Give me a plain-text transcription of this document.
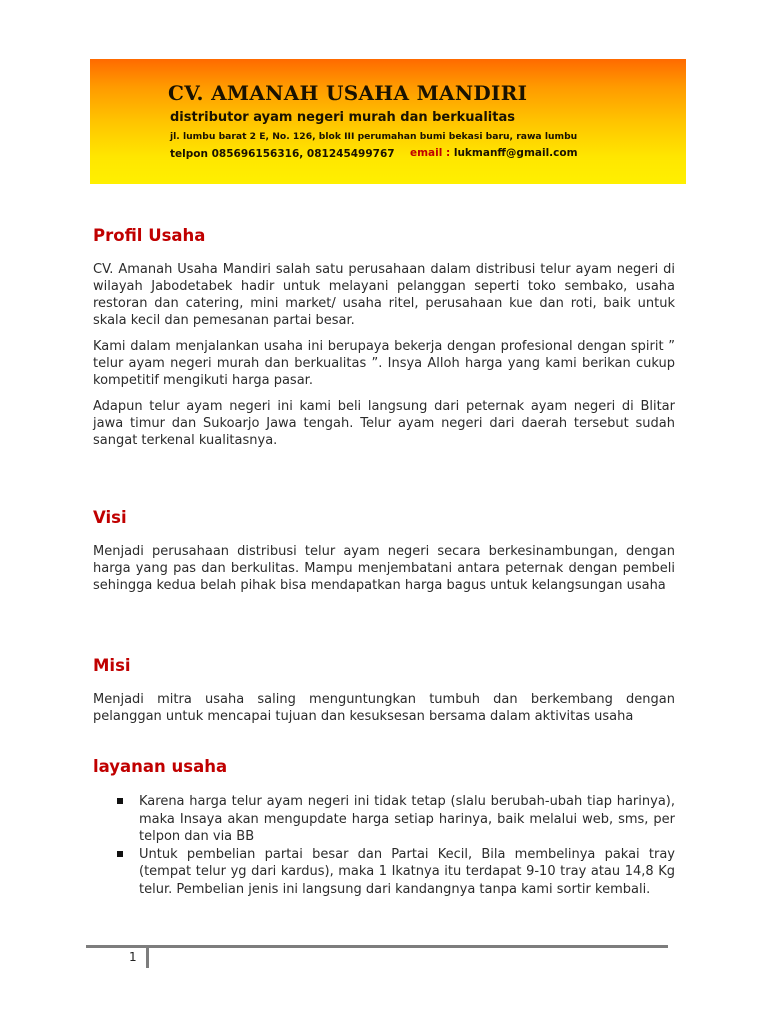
CV. AMANAH USAHA MANDIRI
distributor ayam negeri murah dan berkualitas
jl. lumbu barat 2 E, No. 126, blok III perumahan bumi bekasi baru, rawa lumbu
telpon 085696156316, 081245499767 email : lukmanff@gmail.com
Profil Usaha

CV. Amanah Usaha Mandiri salah satu perusahaan dalam distribusi telur ayam negeri di wilayah Jabodetabek hadir untuk melayani pelanggan seperti toko sembako, usaha restoran dan catering, mini market/ usaha ritel, perusahaan kue dan roti, baik untuk skala kecil dan pemesanan partai besar.

Kami dalam menjalankan usaha ini berupaya bekerja dengan profesional dengan spirit ” telur ayam negeri murah dan berkualitas ”. Insya Alloh harga yang kami berikan cukup kompetitif mengikuti harga pasar.

Adapun telur ayam negeri ini kami beli langsung dari peternak ayam negeri di Blitar jawa timur dan Sukoarjo Jawa tengah. Telur ayam negeri dari daerah tersebut sudah sangat terkenal kualitasnya.

Visi

Menjadi perusahaan distribusi telur ayam negeri secara berkesinambungan, dengan harga yang pas dan berkulitas. Mampu menjembatani antara peternak dengan pembeli sehingga kedua belah pihak bisa mendapatkan harga bagus untuk kelangsungan usaha

Misi

Menjadi mitra usaha saling menguntungkan tumbuh dan berkembang dengan pelanggan untuk mencapai tujuan dan kesuksesan bersama dalam aktivitas usaha

layanan usaha
Karena harga telur ayam negeri ini tidak tetap (slalu berubah-ubah tiap harinya), maka Insaya akan mengupdate harga setiap harinya, baik melalui web, sms, per telpon dan via BB
Untuk pembelian partai besar dan Partai Kecil, Bila membelinya pakai tray (tempat telur yg dari kardus), maka 1 Ikatnya itu terdapat 9-10 tray atau 14,8 Kg telur. Pembelian jenis ini langsung dari kandangnya tanpa kami sortir kembali.
1
